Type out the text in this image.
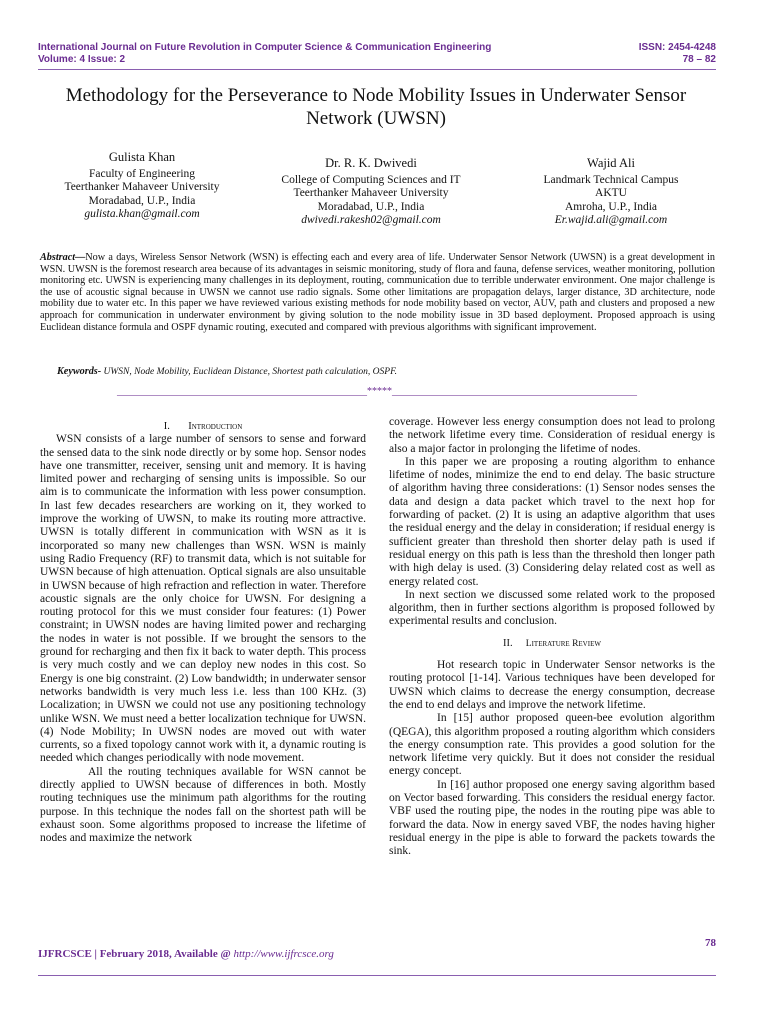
International Journal on Future Revolution in Computer Science & Communication Engineering	ISSN: 2454-4248
Volume: 4 Issue: 2	78 – 82
Methodology for the Perseverance to Node Mobility Issues in Underwater Sensor
Network (UWSN)
Gulista Khan
Faculty of Engineering
Teerthanker Mahaveer University
Moradabad, U.P., India
gulista.khan@gmail.com
Dr. R. K. Dwivedi
College of Computing Sciences and IT
Teerthanker Mahaveer University
Moradabad, U.P., India
dwivedi.rakesh02@gmail.com
Wajid Ali
Landmark Technical Campus
AKTU
Amroha, U.P., India
Er.wajid.ali@gmail.com
Abstract—Now a days, Wireless Sensor Network (WSN) is effecting each and every area of life. Underwater Sensor Network (UWSN) is a great development in WSN. UWSN is the foremost research area because of its advantages in seismic monitoring, study of flora and fauna, defense services, weather monitoring, pollution monitoring etc. UWSN is experiencing many challenges in its deployment, routing, communication due to terrible underwater environment. One major challenge is the use of acoustic signal because in UWSN we cannot use radio signals. Some other limitations are propagation delays, larger distance, 3D architecture, node mobility due to water etc. In this paper we have reviewed various existing methods for node mobility based on vector, AUV, path and clusters and proposed a new approach for communication in underwater environment by giving solution to the node mobility issue in 3D based deployment. Proposed approach is using Euclidean distance formula and OSPF dynamic routing, executed and compared with previous algorithms with significant improvement.
Keywords- UWSN, Node Mobility, Euclidean Distance, Shortest path calculation, OSPF.
__________________________________________________*****_________________________________________________

I. Introduction

WSN consists of a large number of sensors to sense and forward the sensed data to the sink node directly or by some hop. Sensor nodes have one transmitter, receiver, sensing unit and memory. It is having limited power and recharging of sensing units is impossible. So our aim is to communicate the information with less power consumption. In last few decades researchers are working on it, they worked to improve the working of UWSN, to make its routing more attractive. UWSN is totally different in communication with WSN as it is incorporated so many new challenges than WSN. WSN is mainly using Radio Frequency (RF) to transmit data, which is not suitable for UWSN because of high attenuation. Optical signals are also unsuitable in UWSN because of high refraction and reflection in water. Therefore acoustic signals are the only choice for UWSN. For designing a routing protocol for this we must consider four features: (1) Power constraint; in UWSN nodes are having limited power and recharging the nodes in water is not possible. If we brought the sensors to the ground for recharging and then fix it back to water depth. This process is very much costly and we can deploy new nodes in this cost. So Energy is one big constraint. (2) Low bandwidth; in underwater sensor networks bandwidth is very much less i.e. less than 100 KHz. (3) Localization; in UWSN we could not use any positioning technology unlike WSN. We must need a better localization technique for UWSN. (4) Node Mobility; In UWSN nodes are moved out with water currents, so a fixed topology cannot work with it, a dynamic routing is needed which changes periodically with node movement.

All the routing techniques available for WSN cannot be directly applied to UWSN because of differences in both. Mostly routing techniques use the minimum path algorithms for the routing purpose. In this technique the nodes fall on the shortest path will be exhaust soon. Some algorithms proposed to increase the lifetime of nodes and maximize the network

coverage. However less energy consumption does not lead to prolong the network lifetime every time. Consideration of residual energy is also a major factor in prolonging the lifetime of nodes.

In this paper we are proposing a routing algorithm to enhance lifetime of nodes, minimize the end to end delay. The basic structure of algorithm having three considerations: (1) Sensor nodes senses the data and design a data packet which travel to the next hop for forwarding of packet. (2) It is using an adaptive algorithm that uses the residual energy and the delay in consideration; if residual energy is sufficient greater than threshold then shorter delay path is used if residual energy on this path is less than the threshold then longer path with high delay is used. (3) Considering delay related cost as well as energy related cost.

In next section we discussed some related work to the proposed algorithm, then in further sections algorithm is proposed followed by experimental results and conclusion.

II. Literature Review

Hot research topic in Underwater Sensor networks is the routing protocol [1-14]. Various techniques have been developed for UWSN which claims to decrease the energy consumption, decrease the end to end delays and improve the network lifetime.

In [15] author proposed queen-bee evolution algorithm (QEGA), this algorithm proposed a routing algorithm which considers the energy consumption rate. This provides a good solution for the network lifetime very quickly. But it does not consider the residual energy concept.

In [16] author proposed one energy saving algorithm based on Vector based forwarding. This considers the residual energy factor. VBF used the routing pipe, the nodes in the routing pipe was able to forward the data. Now in energy saved VBF, the nodes having higher residual energy in the pipe is able to forward the packets towards the sink.

78
IJFRCSCE | February 2018, Available @ http://www.ijfrcsce.org
